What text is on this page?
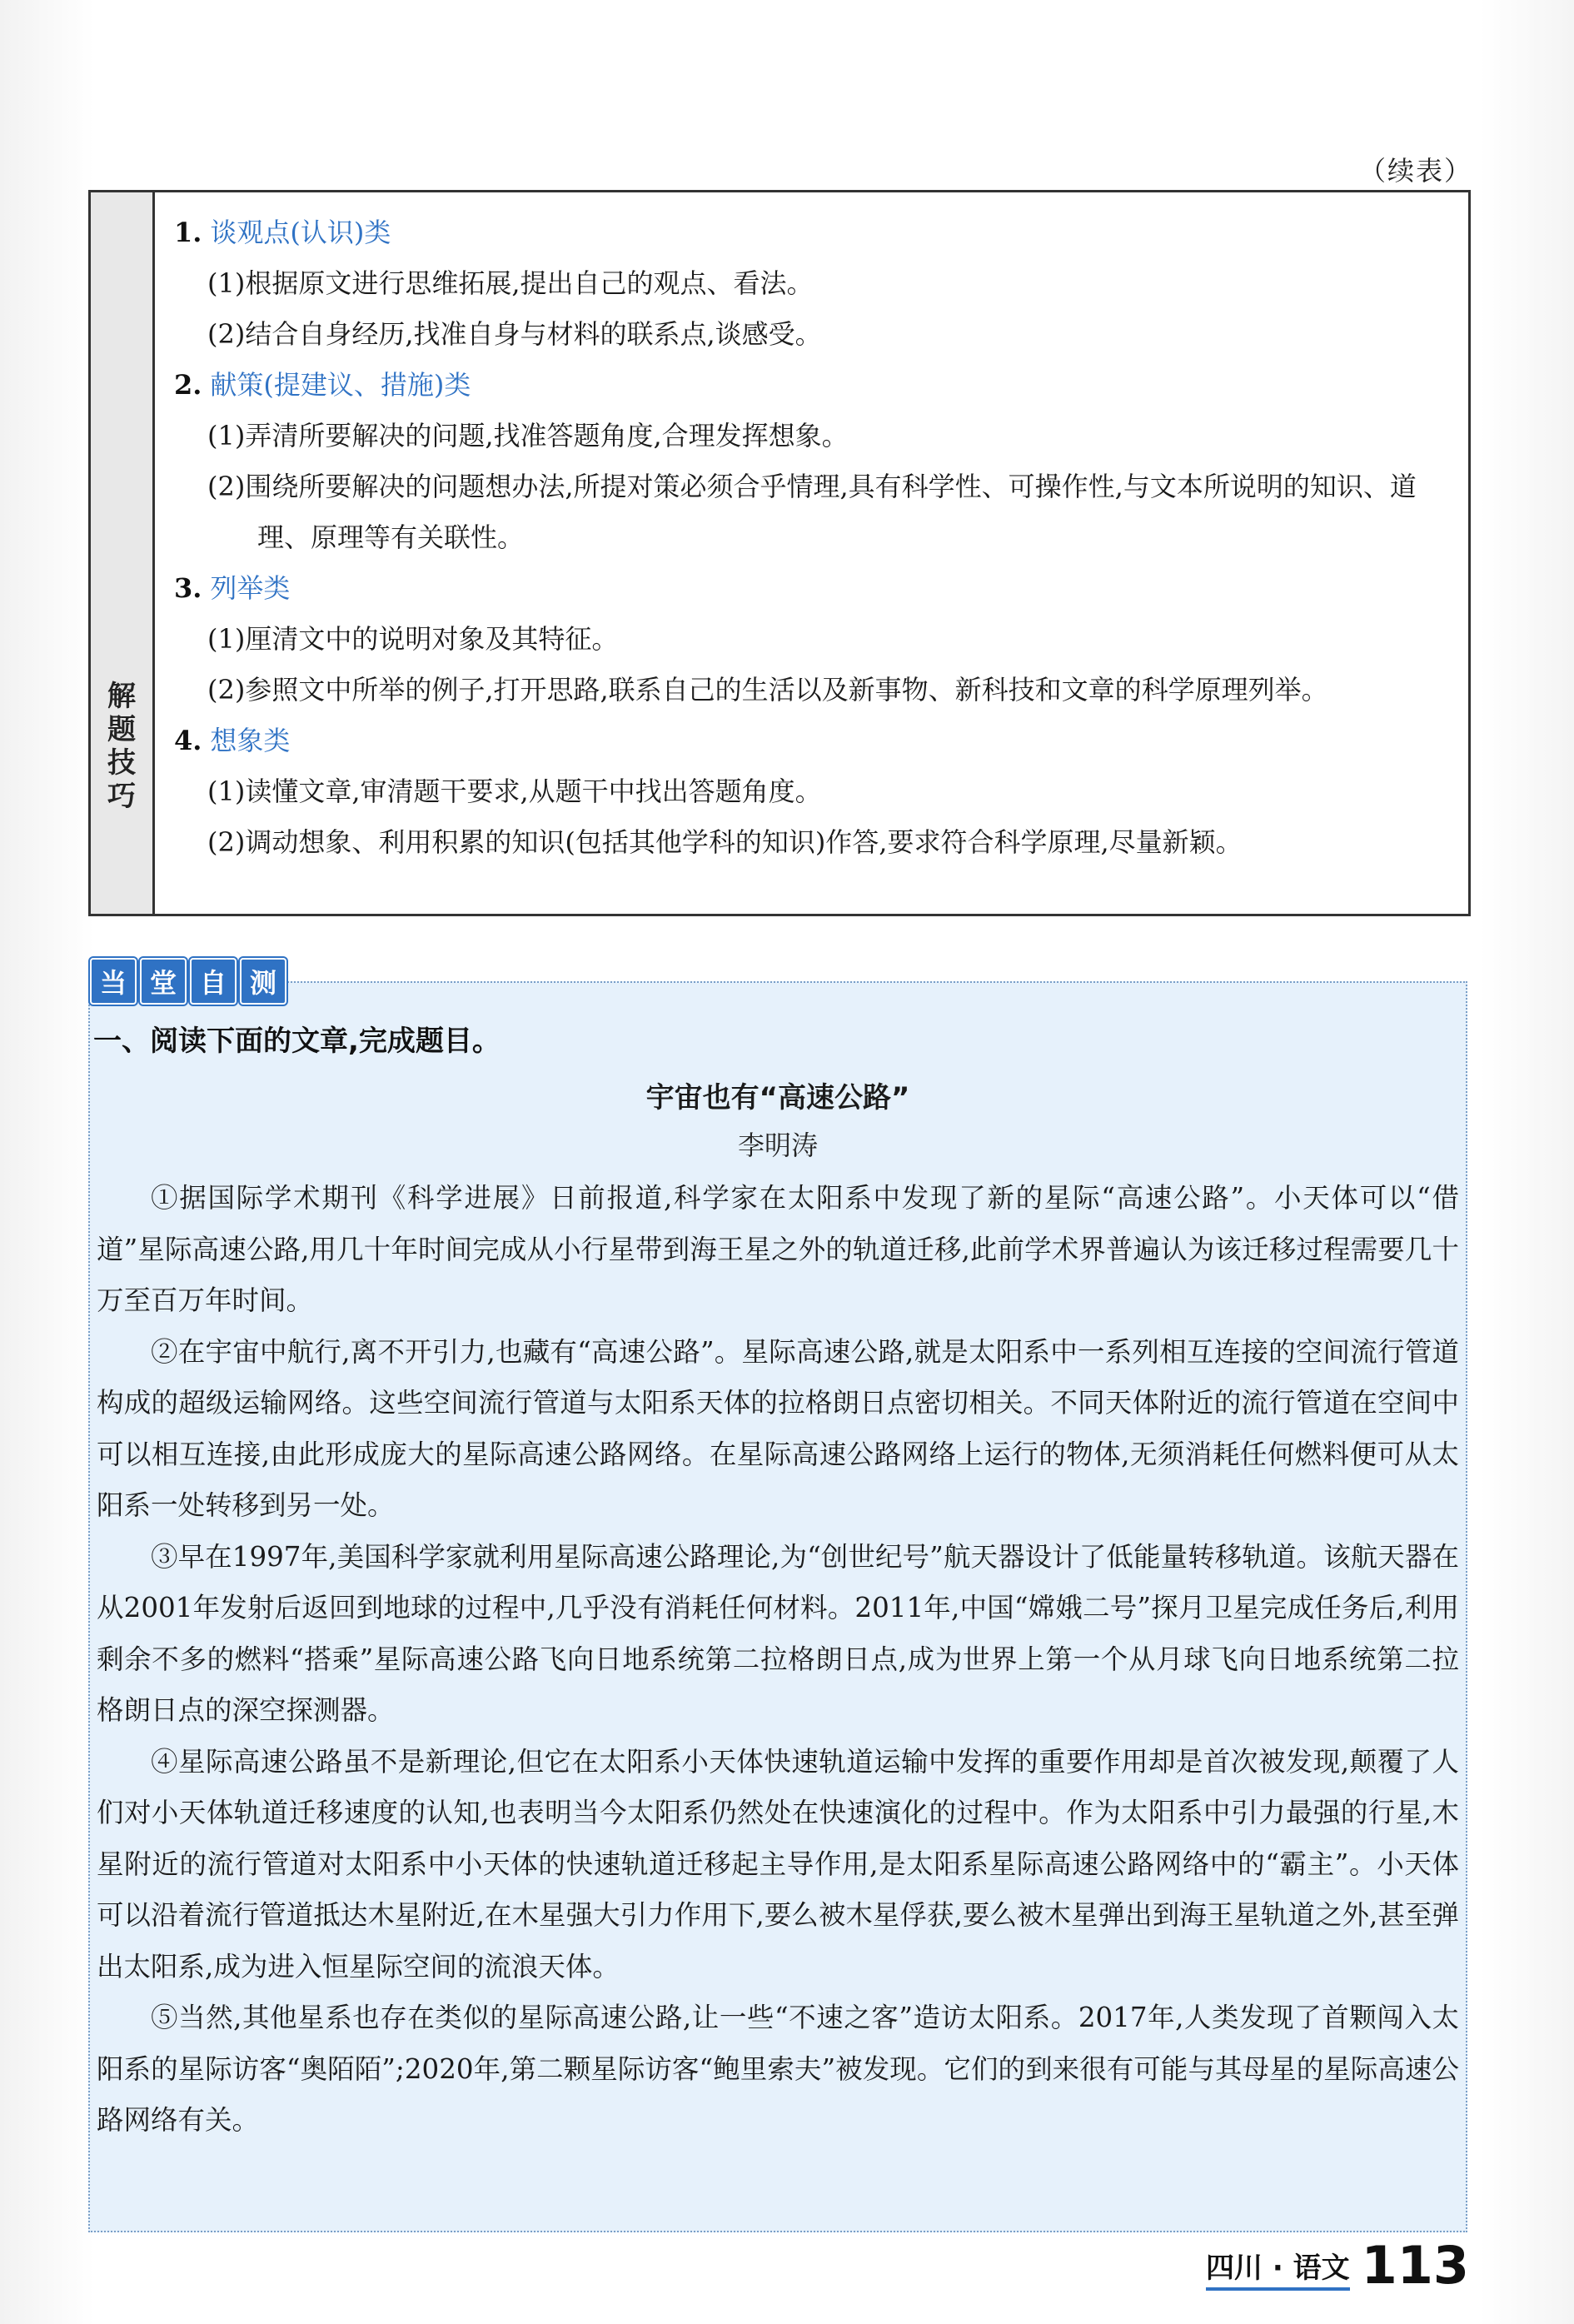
（续表）
解
题
技
巧
1. 谈观点(认识)类
(1)根据原文进行思维拓展,提出自己的观点、看法。
(2)结合自身经历,找准自身与材料的联系点,谈感受。
2. 献策(提建议、措施)类
(1)弄清所要解决的问题,找准答题角度,合理发挥想象。
(2)围绕所要解决的问题想办法,所提对策必须合乎情理,具有科学性、可操作性,与文本所说明的知识、道理、原理等有关联性。
3. 列举类
(1)厘清文中的说明对象及其特征。
(2)参照文中所举的例子,打开思路,联系自己的生活以及新事物、新科技和文章的科学原理列举。
4. 想象类
(1)读懂文章,审清题干要求,从题干中找出答题角度。
(2)调动想象、利用积累的知识(包括其他学科的知识)作答,要求符合科学原理,尽量新颖。
当 堂 自 测
一、阅读下面的文章,完成题目。
宇宙也有“高速公路”
李明涛

①据国际学术期刊《科学进展》日前报道,科学家在太阳系中发现了新的星际“高速公路”。小天体可以“借道”星际高速公路,用几十年时间完成从小行星带到海王星之外的轨道迁移,此前学术界普遍认为该迁移过程需要几十万至百万年时间。

②在宇宙中航行,离不开引力,也藏有“高速公路”。星际高速公路,就是太阳系中一系列相互连接的空间流行管道构成的超级运输网络。这些空间流行管道与太阳系天体的拉格朗日点密切相关。不同天体附近的流行管道在空间中可以相互连接,由此形成庞大的星际高速公路网络。在星际高速公路网络上运行的物体,无须消耗任何燃料便可从太阳系一处转移到另一处。

③早在1997年,美国科学家就利用星际高速公路理论,为“创世纪号”航天器设计了低能量转移轨道。该航天器在从2001年发射后返回到地球的过程中,几乎没有消耗任何材料。2011年,中国“嫦娥二号”探月卫星完成任务后,利用剩余不多的燃料“搭乘”星际高速公路飞向日地系统第二拉格朗日点,成为世界上第一个从月球飞向日地系统第二拉格朗日点的深空探测器。

④星际高速公路虽不是新理论,但它在太阳系小天体快速轨道运输中发挥的重要作用却是首次被发现,颠覆了人们对小天体轨道迁移速度的认知,也表明当今太阳系仍然处在快速演化的过程中。作为太阳系中引力最强的行星,木星附近的流行管道对太阳系中小天体的快速轨道迁移起主导作用,是太阳系星际高速公路网络中的“霸主”。小天体可以沿着流行管道抵达木星附近,在木星强大引力作用下,要么被木星俘获,要么被木星弹出到海王星轨道之外,甚至弹出太阳系,成为进入恒星际空间的流浪天体。

⑤当然,其他星系也存在类似的星际高速公路,让一些“不速之客”造访太阳系。2017年,人类发现了首颗闯入太阳系的星际访客“奥陌陌”;2020年,第二颗星际访客“鲍里索夫”被发现。它们的到来很有可能与其母星的星际高速公路网络有关。

四川 · 语文 113
